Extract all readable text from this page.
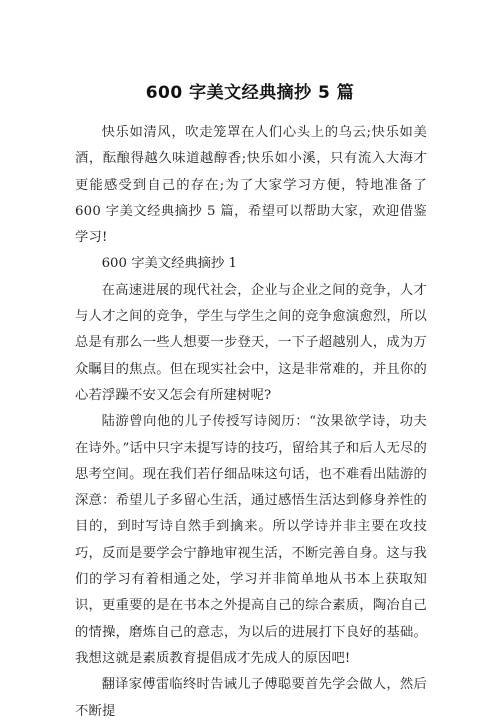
600 字美文经典摘抄 5 篇

快乐如清风，吹走笼罩在人们心头上的乌云;快乐如美酒，酝酿得越久味道越醇香;快乐如小溪，只有流入大海才更能感受到自己的存在;为了大家学习方便，特地准备了 600 字美文经典摘抄 5 篇，希望可以帮助大家，欢迎借鉴学习!

600 字美文经典摘抄 1

在高速进展的现代社会，企业与企业之间的竞争，人才与人才之间的竞争，学生与学生之间的竞争愈演愈烈，所以总是有那么一些人想要一步登天，一下子超越别人，成为万众瞩目的焦点。但在现实社会中，这是非常难的，并且你的心若浮躁不安又怎会有所建树呢?

陆游曾向他的儿子传授写诗阅历：“汝果欲学诗，功夫在诗外。”话中只字未提写诗的技巧，留给其子和后人无尽的思考空间。现在我们若仔细品味这句话，也不难看出陆游的深意：希望儿子多留心生活，通过感悟生活达到修身养性的目的，到时写诗自然手到擒来。所以学诗并非主要在攻技巧，反而是要学会宁静地审视生活，不断完善自身。这与我们的学习有着相通之处，学习并非简单地从书本上获取知识，更重要的是在书本之外提高自己的综合素质，陶冶自己的情操，磨炼自己的意志，为以后的进展打下良好的基础。我想这就是素质教育提倡成才先成人的原因吧!

翻译家傅雷临终时告诫儿子傅聪要首先学会做人，然后不断提
